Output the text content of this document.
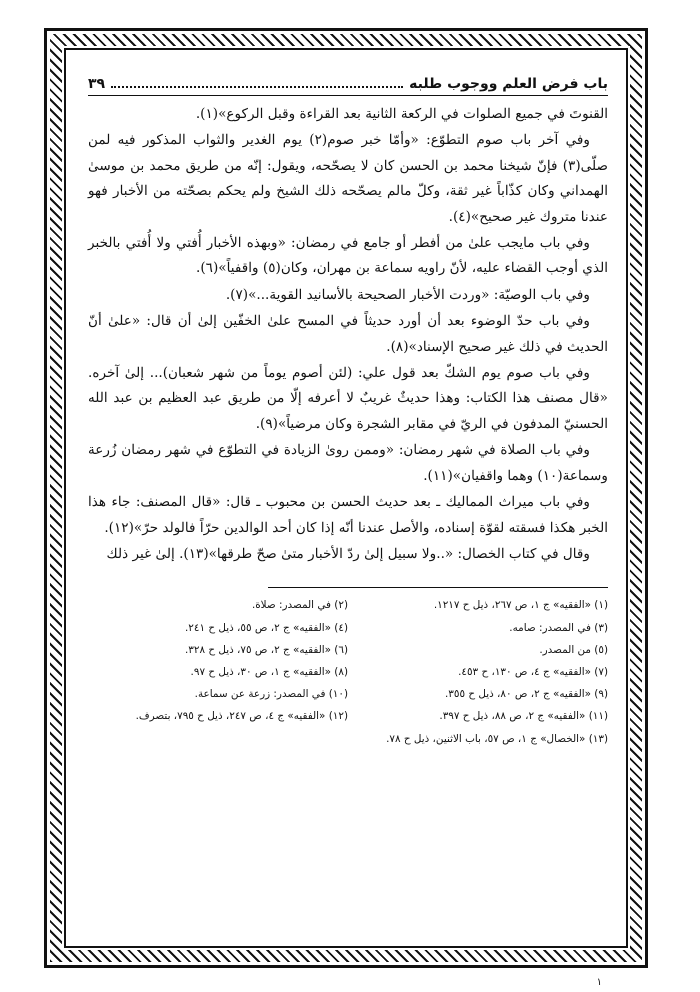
باب فرض العلم ووجوب طلبه
٣٩

القنوتَ في جميع الصلوات في الركعة الثانية بعد القراءة وقبل الركوع»(١).

وفي آخر باب صوم التطوّع: «وأمّا خبر صوم(٢) يوم الغدير والثواب المذكور فيه لمن صلّى(٣) فإنّ شيخنا محمد بن الحسن كان لا يصحّحه، ويقول: إنّه من طريق محمد بن موسىٰ الهمداني وكان كذّاباً غير ثقة، وكلّ مالم يصحّحه ذلك الشيخ ولم يحكم بصحّته من الأخبار فهو عندنا متروك غير صحيح»(٤).

وفي باب مايجب علىٰ من أفطر أو جامع في رمضان: «وبهذه الأخبار أُفتي ولا أُفتي بالخبر الذي أوجب القضاء عليه، لأنّ راويه سماعة بن مهران، وكان(٥) واقفياً»(٦).

وفي باب الوصيّة: «وردت الأخبار الصحيحة بالأسانيد القوية...»(٧).

وفي باب حدّ الوضوء بعد أن أورد حديثاً في المسح علىٰ الخفّين إلىٰ أن قال: «علىٰ أنّ الحديث في ذلك غير صحيح الإسناد»(٨).

وفي باب صوم يوم الشكّ بعد قول علي: (لئن أصوم يوماً من شهر شعبان)... إلىٰ آخره. «قال مصنف هذا الكتاب: وهذا حديثٌ غريبٌ لا أعرفه إلّا من طريق عبد العظيم بن عبد الله الحسنيّ المدفون في الريّ في مقابر الشجرة وكان مرضياً»(٩).

وفي باب الصلاة في شهر رمضان: «وممن روىٰ الزيادة في التطوّع في شهر رمضان زُرعة وسماعة(١٠) وهما واقفيان»(١١).

وفي باب ميراث المماليك ـ بعد حديث الحسن بن محبوب ـ قال: «قال المصنف: جاء هذا الخبر هكذا فسقته لقوّة إسناده، والأصل عندنا أنّه إذا كان أحد الوالدين حرّاً فالولد حرّ»(١٢).

وقال في كتاب الخصال: «..ولا سبيل إلىٰ ردّ الأخبار متىٰ صحّ طرقها»(١٣). إلىٰ غير ذلك

(١) «الفقيه» ج ١، ص ٢٦٧، ذيل ح ١٢١٧.
(٢) في المصدر: صلاة.
(٣) في المصدر: صامه.
(٤) «الفقيه» ج ٢، ص ٥٥، ذيل ح ٢٤١.
(٥) من المصدر.
(٦) «الفقيه» ج ٢، ص ٧٥، ذيل ح ٣٢٨.
(٧) «الفقيه» ج ٤، ص ١٣٠، ح ٤٥٣.
(٨) «الفقيه» ج ١، ص ٣٠، ذيل ح ٩٧.
(٩) «الفقيه» ج ٢، ص ٨٠، ذيل ح ٣٥٥.
(١٠) في المصدر: زرعة عن سماعة.
(١١) «الفقيه» ج ٢، ص ٨٨، ذيل ح ٣٩٧.
(١٢) «الفقيه» ج ٤، ص ٢٤٧، ذيل ح ٧٩٥، بتصرف.
(١٣) «الخصال» ج ١، ص ٥٧، باب الاثنين، ذيل ح ٧٨.
١
